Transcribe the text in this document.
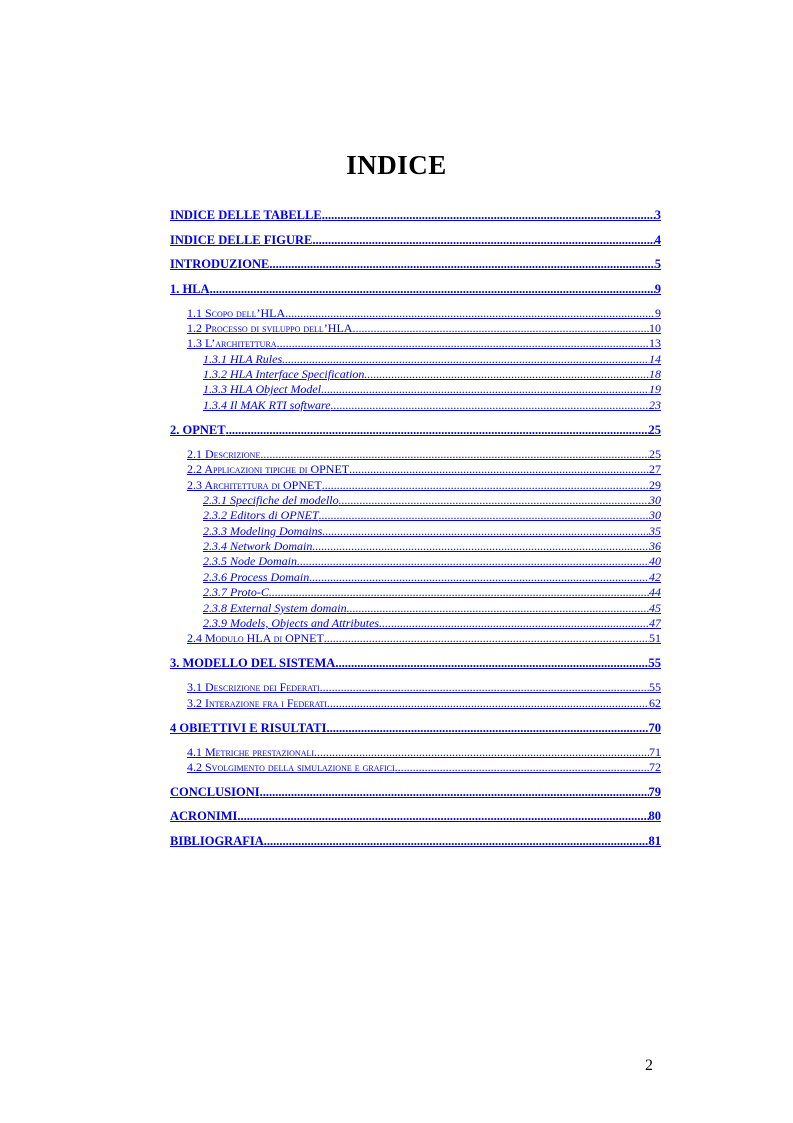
INDICE
INDICE DELLE TABELLE .....	3
INDICE DELLE FIGURE .....	4
INTRODUZIONE .....	5
1. HLA .....	9
1.1 Scopo dell’HLA .....	9
1.2 Processo di sviluppo dell’HLA .....	10
1.3 L’architettura .....	13
1.3.1 HLA Rules .....	14
1.3.2 HLA Interface Specification .....	18
1.3.3 HLA Object Model .....	19
1.3.4 Il MAK RTI software .....	23
2. OPNET .....	25
2.1 Descrizione .....	25
2.2 Applicazioni tipiche di OPNET .....	27
2.3 Architettura di OPNET .....	29
2.3.1 Specifiche del modello .....	30
2.3.2 Editors di OPNET .....	30
2.3.3 Modeling Domains .....	35
2.3.4 Network Domain .....	36
2.3.5 Node Domain .....	40
2.3.6 Process Domain .....	42
2.3.7 Proto-C .....	44
2.3.8 External System domain .....	45
2.3.9 Models, Objects and Attributes .....	47
2.4 Modulo HLA di OPNET .....	51
3. MODELLO DEL SISTEMA .....	55
3.1 Descrizione dei Federati .....	55
3.2 Interazione fra i Federati .....	62
4 OBIETTIVI E RISULTATI .....	70
4.1 Metriche prestazionali .....	71
4.2 Svolgimento della simulazione e grafici .....	72
CONCLUSIONI .....	79
ACRONIMI .....	80
BIBLIOGRAFIA .....	81
2
